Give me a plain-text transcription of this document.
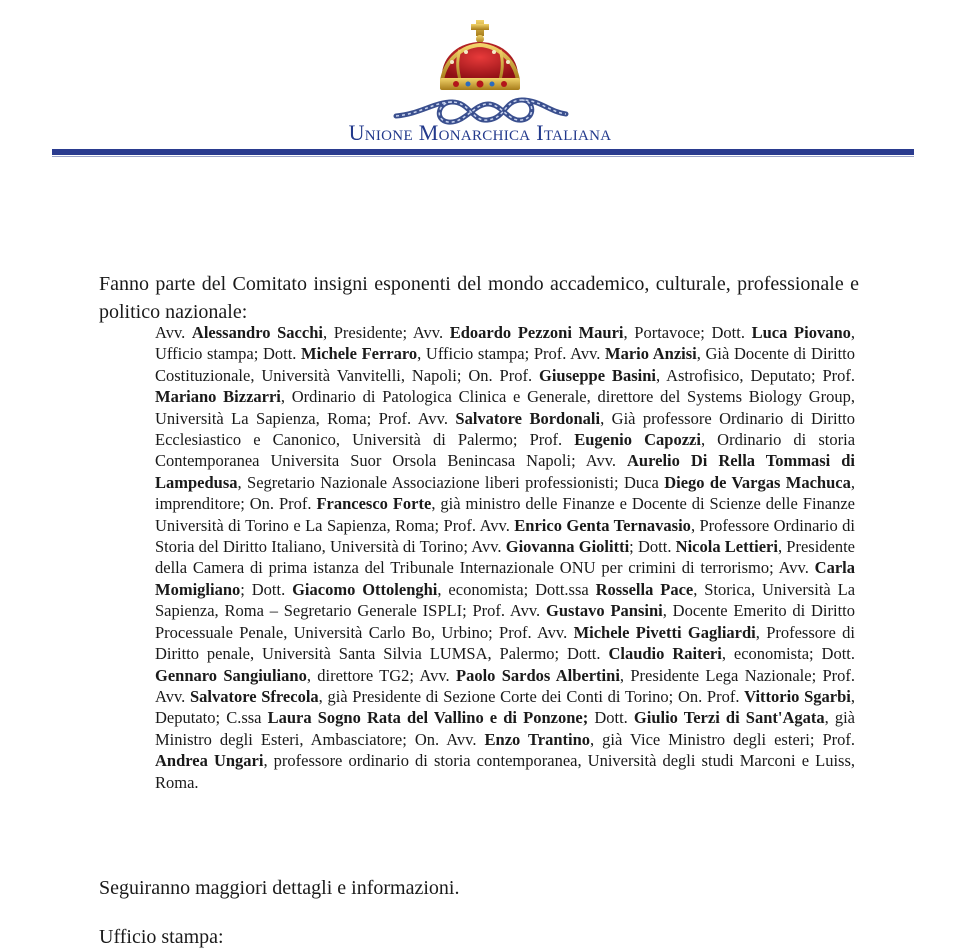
Unione Monarchica Italiana

Fanno parte del Comitato insigni esponenti del mondo accademico, culturale, professionale e politico nazionale:

Avv. Alessandro Sacchi, Presidente; Avv. Edoardo Pezzoni Mauri, Portavoce; Dott. Luca Piovano, Ufficio stampa; Dott. Michele Ferraro, Ufficio stampa; Prof. Avv. Mario Anzisi, Già Docente di Diritto Costituzionale, Università Vanvitelli, Napoli; On. Prof. Giuseppe Basini, Astrofisico, Deputato; Prof. Mariano Bizzarri, Ordinario di Patologica Clinica e Generale, direttore del Systems Biology Group, Università La Sapienza, Roma; Prof. Avv. Salvatore Bordonali, Già professore Ordinario di Diritto Ecclesiastico e Canonico, Università di Palermo; Prof. Eugenio Capozzi, Ordinario di storia Contemporanea Universita Suor Orsola Benincasa Napoli; Avv. Aurelio Di Rella Tommasi di Lampedusa, Segretario Nazionale Associazione liberi professionisti; Duca Diego de Vargas Machuca, imprenditore; On. Prof. Francesco Forte, già ministro delle Finanze e Docente di Scienze delle Finanze Università di Torino e La Sapienza, Roma; Prof. Avv. Enrico Genta Ternavasio, Professore Ordinario di Storia del Diritto Italiano, Università di Torino; Avv. Giovanna Giolitti; Dott. Nicola Lettieri, Presidente della Camera di prima istanza del Tribunale Internazionale ONU per crimini di terrorismo; Avv. Carla Momigliano; Dott. Giacomo Ottolenghi, economista; Dott.ssa Rossella Pace, Storica, Università La Sapienza, Roma – Segretario Generale ISPLI; Prof. Avv. Gustavo Pansini, Docente Emerito di Diritto Processuale Penale, Università Carlo Bo, Urbino; Prof. Avv. Michele Pivetti Gagliardi, Professore di Diritto penale, Università Santa Silvia LUMSA, Palermo; Dott. Claudio Raiteri, economista; Dott. Gennaro Sangiuliano, direttore TG2; Avv. Paolo Sardos Albertini, Presidente Lega Nazionale; Prof. Avv. Salvatore Sfrecola, già Presidente di Sezione Corte dei Conti di Torino; On. Prof. Vittorio Sgarbi, Deputato; C.ssa Laura Sogno Rata del Vallino e di Ponzone; Dott. Giulio Terzi di Sant'Agata, già Ministro degli Esteri, Ambasciatore; On. Avv. Enzo Trantino, già Vice Ministro degli esteri; Prof. Andrea Ungari, professore ordinario di storia contemporanea, Università degli studi Marconi e Luiss, Roma.
Seguiranno maggiori dettagli e informazioni.
Ufficio stampa:
